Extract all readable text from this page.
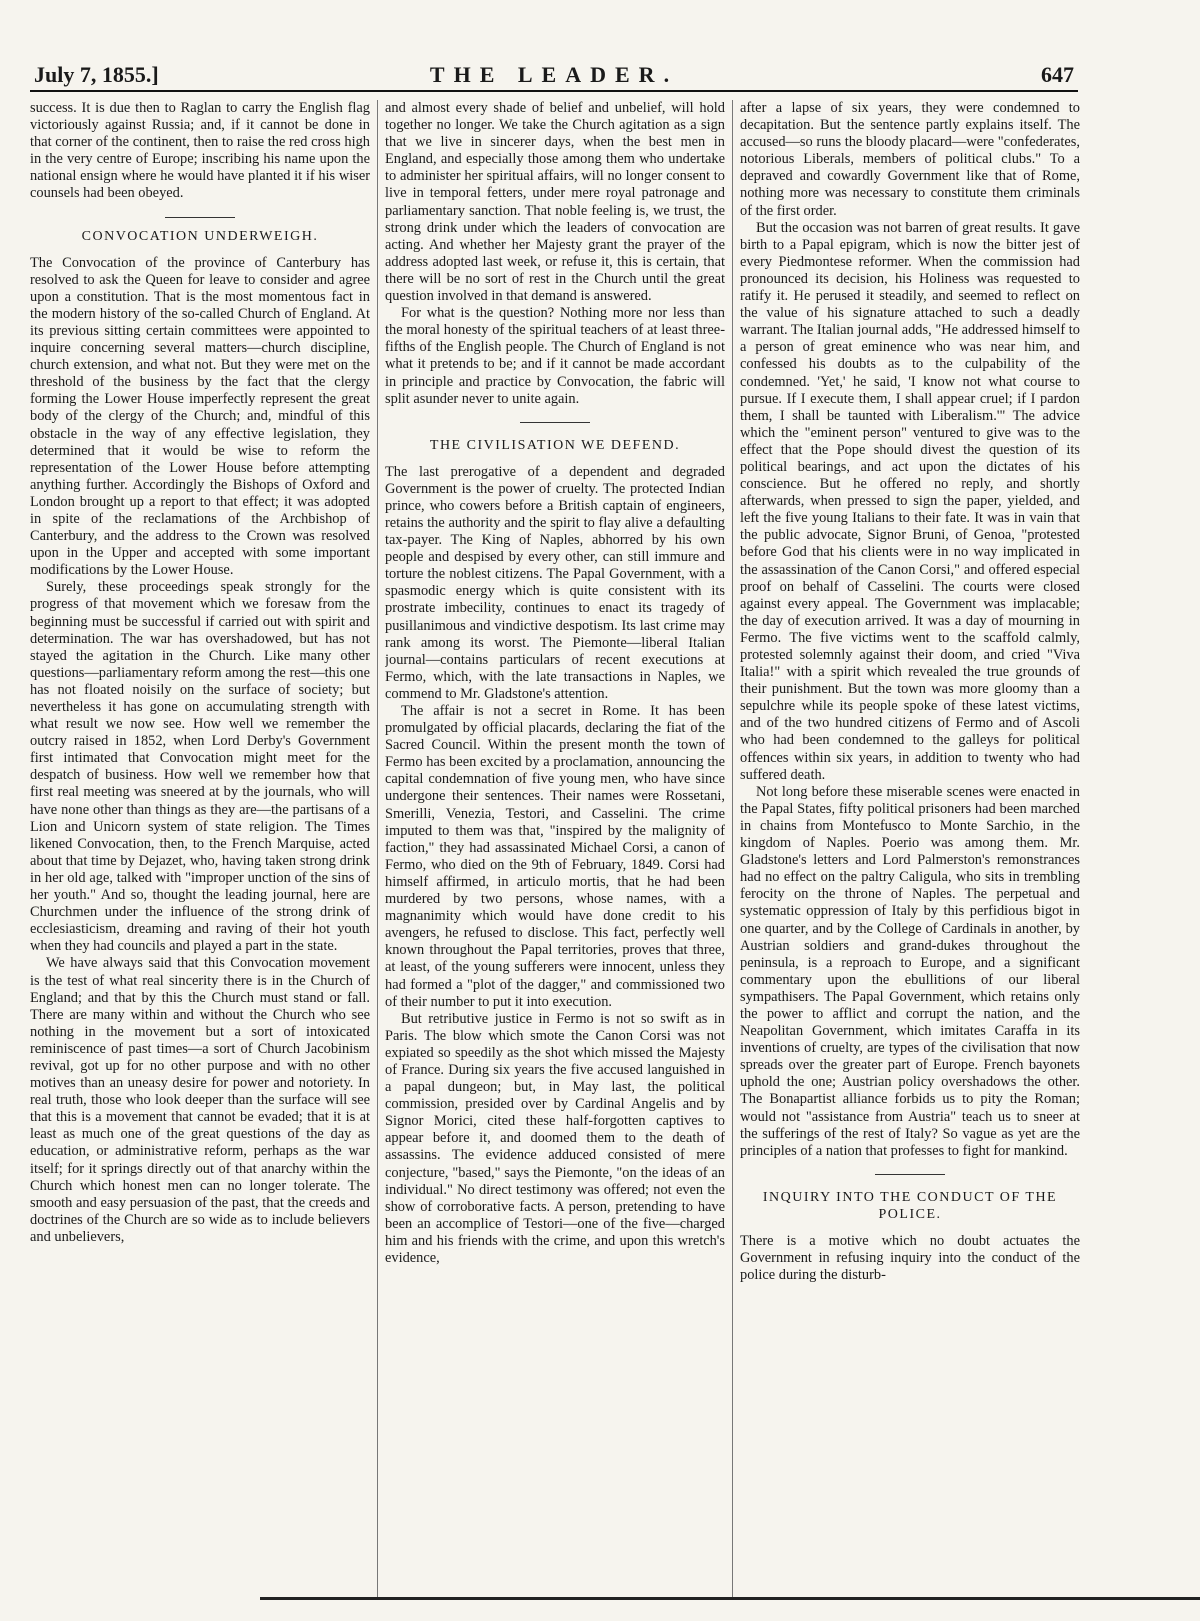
July 7, 1855.]	THE LEADER.	647

success. It is due then to Raglan to carry the English flag victoriously against Russia; and, if it cannot be done in that corner of the continent, then to raise the red cross high in the very centre of Europe; inscribing his name upon the national ensign where he would have planted it if his wiser counsels had been obeyed.

CONVOCATION UNDERWEIGH.

The Convocation of the province of Canterbury has resolved to ask the Queen for leave to consider and agree upon a constitution. That is the most momentous fact in the modern history of the so-called Church of England. At its previous sitting certain committees were appointed to inquire concerning several matters—church discipline, church extension, and what not. But they were met on the threshold of the business by the fact that the clergy forming the Lower House imperfectly represent the great body of the clergy of the Church; and, mindful of this obstacle in the way of any effective legislation, they determined that it would be wise to reform the representation of the Lower House before attempting anything further. Accordingly the Bishops of Oxford and London brought up a report to that effect; it was adopted in spite of the reclamations of the Archbishop of Canterbury, and the address to the Crown was resolved upon in the Upper and accepted with some important modifications by the Lower House.

Surely, these proceedings speak strongly for the progress of that movement which we foresaw from the beginning must be successful if carried out with spirit and determination. The war has overshadowed, but has not stayed the agitation in the Church. Like many other questions—parliamentary reform among the rest—this one has not floated noisily on the surface of society; but nevertheless it has gone on accumulating strength with what result we now see. How well we remember the outcry raised in 1852, when Lord Derby's Government first intimated that Convocation might meet for the despatch of business. How well we remember how that first real meeting was sneered at by the journals, who will have none other than things as they are—the partisans of a Lion and Unicorn system of state religion. The Times likened Convocation, then, to the French Marquise, acted about that time by Dejazet, who, having taken strong drink in her old age, talked with "improper unction of the sins of her youth." And so, thought the leading journal, here are Churchmen under the influence of the strong drink of ecclesiasticism, dreaming and raving of their hot youth when they had councils and played a part in the state.

We have always said that this Convocation movement is the test of what real sincerity there is in the Church of England; and that by this the Church must stand or fall. There are many within and without the Church who see nothing in the movement but a sort of intoxicated reminiscence of past times—a sort of Church Jacobinism revival, got up for no other purpose and with no other motives than an uneasy desire for power and notoriety. In real truth, those who look deeper than the surface will see that this is a movement that cannot be evaded; that it is at least as much one of the great questions of the day as education, or administrative reform, perhaps as the war itself; for it springs directly out of that anarchy within the Church which honest men can no longer tolerate. The smooth and easy persuasion of the past, that the creeds and doctrines of the Church are so wide as to include believers and unbelievers,

and almost every shade of belief and unbelief, will hold together no longer. We take the Church agitation as a sign that we live in sincerer days, when the best men in England, and especially those among them who undertake to administer her spiritual affairs, will no longer consent to live in temporal fetters, under mere royal patronage and parliamentary sanction. That noble feeling is, we trust, the strong drink under which the leaders of convocation are acting. And whether her Majesty grant the prayer of the address adopted last week, or refuse it, this is certain, that there will be no sort of rest in the Church until the great question involved in that demand is answered.

For what is the question? Nothing more nor less than the moral honesty of the spiritual teachers of at least three-fifths of the English people. The Church of England is not what it pretends to be; and if it cannot be made accordant in principle and practice by Convocation, the fabric will split asunder never to unite again.

THE CIVILISATION WE DEFEND.

The last prerogative of a dependent and degraded Government is the power of cruelty. The protected Indian prince, who cowers before a British captain of engineers, retains the authority and the spirit to flay alive a defaulting tax-payer. The King of Naples, abhorred by his own people and despised by every other, can still immure and torture the noblest citizens. The Papal Government, with a spasmodic energy which is quite consistent with its prostrate imbecility, continues to enact its tragedy of pusillanimous and vindictive despotism. Its last crime may rank among its worst. The Piemonte—liberal Italian journal—contains particulars of recent executions at Fermo, which, with the late transactions in Naples, we commend to Mr. Gladstone's attention.

The affair is not a secret in Rome. It has been promulgated by official placards, declaring the fiat of the Sacred Council. Within the present month the town of Fermo has been excited by a proclamation, announcing the capital condemnation of five young men, who have since undergone their sentences. Their names were Rossetani, Smerilli, Venezia, Testori, and Casselini. The crime imputed to them was that, "inspired by the malignity of faction," they had assassinated Michael Corsi, a canon of Fermo, who died on the 9th of February, 1849. Corsi had himself affirmed, in articulo mortis, that he had been murdered by two persons, whose names, with a magnanimity which would have done credit to his avengers, he refused to disclose. This fact, perfectly well known throughout the Papal territories, proves that three, at least, of the young sufferers were innocent, unless they had formed a "plot of the dagger," and commissioned two of their number to put it into execution.

But retributive justice in Fermo is not so swift as in Paris. The blow which smote the Canon Corsi was not expiated so speedily as the shot which missed the Majesty of France. During six years the five accused languished in a papal dungeon; but, in May last, the political commission, presided over by Cardinal Angelis and by Signor Morici, cited these half-forgotten captives to appear before it, and doomed them to the death of assassins. The evidence adduced consisted of mere conjecture, "based," says the Piemonte, "on the ideas of an individual." No direct testimony was offered; not even the show of corroborative facts. A person, pretending to have been an accomplice of Testori—one of the five—charged him and his friends with the crime, and upon this wretch's evidence,

after a lapse of six years, they were condemned to decapitation. But the sentence partly explains itself. The accused—so runs the bloody placard—were "confederates, notorious Liberals, members of political clubs." To a depraved and cowardly Government like that of Rome, nothing more was necessary to constitute them criminals of the first order.

But the occasion was not barren of great results. It gave birth to a Papal epigram, which is now the bitter jest of every Piedmontese reformer. When the commission had pronounced its decision, his Holiness was requested to ratify it. He perused it steadily, and seemed to reflect on the value of his signature attached to such a deadly warrant. The Italian journal adds, "He addressed himself to a person of great eminence who was near him, and confessed his doubts as to the culpability of the condemned. 'Yet,' he said, 'I know not what course to pursue. If I execute them, I shall appear cruel; if I pardon them, I shall be taunted with Liberalism.'" The advice which the "eminent person" ventured to give was to the effect that the Pope should divest the question of its political bearings, and act upon the dictates of his conscience. But he offered no reply, and shortly afterwards, when pressed to sign the paper, yielded, and left the five young Italians to their fate. It was in vain that the public advocate, Signor Bruni, of Genoa, "protested before God that his clients were in no way implicated in the assassination of the Canon Corsi," and offered especial proof on behalf of Casselini. The courts were closed against every appeal. The Government was implacable; the day of execution arrived. It was a day of mourning in Fermo. The five victims went to the scaffold calmly, protested solemnly against their doom, and cried "Viva Italia!" with a spirit which revealed the true grounds of their punishment. But the town was more gloomy than a sepulchre while its people spoke of these latest victims, and of the two hundred citizens of Fermo and of Ascoli who had been condemned to the galleys for political offences within six years, in addition to twenty who had suffered death.

Not long before these miserable scenes were enacted in the Papal States, fifty political prisoners had been marched in chains from Montefusco to Monte Sarchio, in the kingdom of Naples. Poerio was among them. Mr. Gladstone's letters and Lord Palmerston's remonstrances had no effect on the paltry Caligula, who sits in trembling ferocity on the throne of Naples. The perpetual and systematic oppression of Italy by this perfidious bigot in one quarter, and by the College of Cardinals in another, by Austrian soldiers and grand-dukes throughout the peninsula, is a reproach to Europe, and a significant commentary upon the ebullitions of our liberal sympathisers. The Papal Government, which retains only the power to afflict and corrupt the nation, and the Neapolitan Government, which imitates Caraffa in its inventions of cruelty, are types of the civilisation that now spreads over the greater part of Europe. French bayonets uphold the one; Austrian policy overshadows the other. The Bonapartist alliance forbids us to pity the Roman; would not "assistance from Austria" teach us to sneer at the sufferings of the rest of Italy? So vague as yet are the principles of a nation that professes to fight for mankind.

INQUIRY INTO THE CONDUCT OF THE POLICE.

There is a motive which no doubt actuates the Government in refusing inquiry into the conduct of the police during the disturb-
